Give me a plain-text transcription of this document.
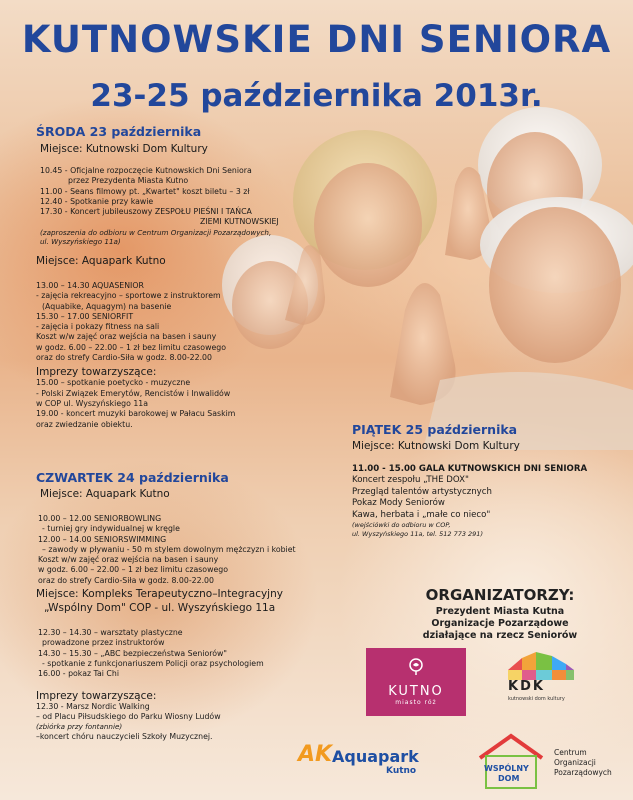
KUTNOWSKIE DNI SENIORA
23-25 października 2013r.

ŚRODA 23 października

Miejsce: Kutnowski Dom Kultury

10.45 - Oficjalne rozpoczęcie Kutnowskich Dni Seniora
przez Prezydenta Miasta Kutno
11.00 - Seans filmowy pt. „Kwartet" koszt biletu – 3 zł
12.40 - Spotkanie przy kawie
17.30 - Koncert jubileuszowy ZESPOŁU PIEŚNI I TAŃCA
ZIEMI KUTNOWSKIEJ
(zaproszenia do odbioru w Centrum Organizacji Pozarządowych,
ul. Wyszyńskiego 11a)

Miejsce: Aquapark Kutno

13.00 – 14.30 AQUASENIOR
- zajęcia rekreacyjno – sportowe z instruktorem
(Aquabike, Aquagym) na basenie
15.30 – 17.00 SENIORFIT
- zajęcia i pokazy fitness na sali
Koszt w/w zajęć oraz wejścia na basen i sauny
w godz. 6.00 – 22.00 – 1 zł bez limitu czasowego
oraz do strefy Cardio-Siła w godz. 8.00-22.00

Imprezy towarzyszące:

15.00 – spotkanie poetycko - muzyczne
- Polski Związek Emerytów, Rencistów i Inwalidów
w COP ul. Wyszyńskiego 11a
19.00 - koncert muzyki barokowej w Pałacu Saskim
oraz zwiedzanie obiektu.

CZWARTEK 24 października

Miejsce: Aquapark Kutno

10.00 – 12.00 SENIORBOWLING
- turniej gry indywidualnej w kręgle
12.00 – 14.00 SENIORSWIMMING
– zawody w pływaniu - 50 m stylem dowolnym mężczyzn i kobiet
Koszt w/w zajęć oraz wejścia na basen i sauny
w godz. 6.00 – 22.00 – 1 zł bez limitu czasowego
oraz do strefy Cardio-Siła w godz. 8.00-22.00

Miejsce: Kompleks Terapeutyczno–Integracyjny

„Wspólny Dom" COP - ul. Wyszyńskiego 11a

12.30 – 14.30 – warsztaty plastyczne
prowadzone przez instruktorów
14.30 – 15.30 – „ABC bezpieczeństwa Seniorów"
- spotkanie z funkcjonariuszem Policji oraz psychologiem
16.00 - pokaz Tai Chi

Imprezy towarzyszące:

12.30 - Marsz Nordic Walking
– od Placu Piłsudskiego do Parku Wiosny Ludów
(zbiórka przy fontannie)
–koncert chóru nauczycieli Szkoły Muzycznej.

PIĄTEK 25 października

Miejsce: Kutnowski Dom Kultury

11.00 - 15.00 GALA KUTNOWSKICH DNI SENIORA
Koncert zespołu „THE DOX"
Przegląd talentów artystycznych
Pokaz Mody Seniorów
Kawa, herbata i „małe co nieco"
(wejściówki do odbioru w COP,
ul. Wyszyńskiego 11a, tel. 512 773 291)

ORGANIZATORZY:

Prezydent Miasta Kutna

Organizacje Pozarządowe

działające na rzecz Seniorów

KUTNO
miasto róż
KDK
kutnowski dom kultury
AK Aquapark
Kutno	WSPÓLNY
DOM
Centrum
Organizacji
Pozarządowych
